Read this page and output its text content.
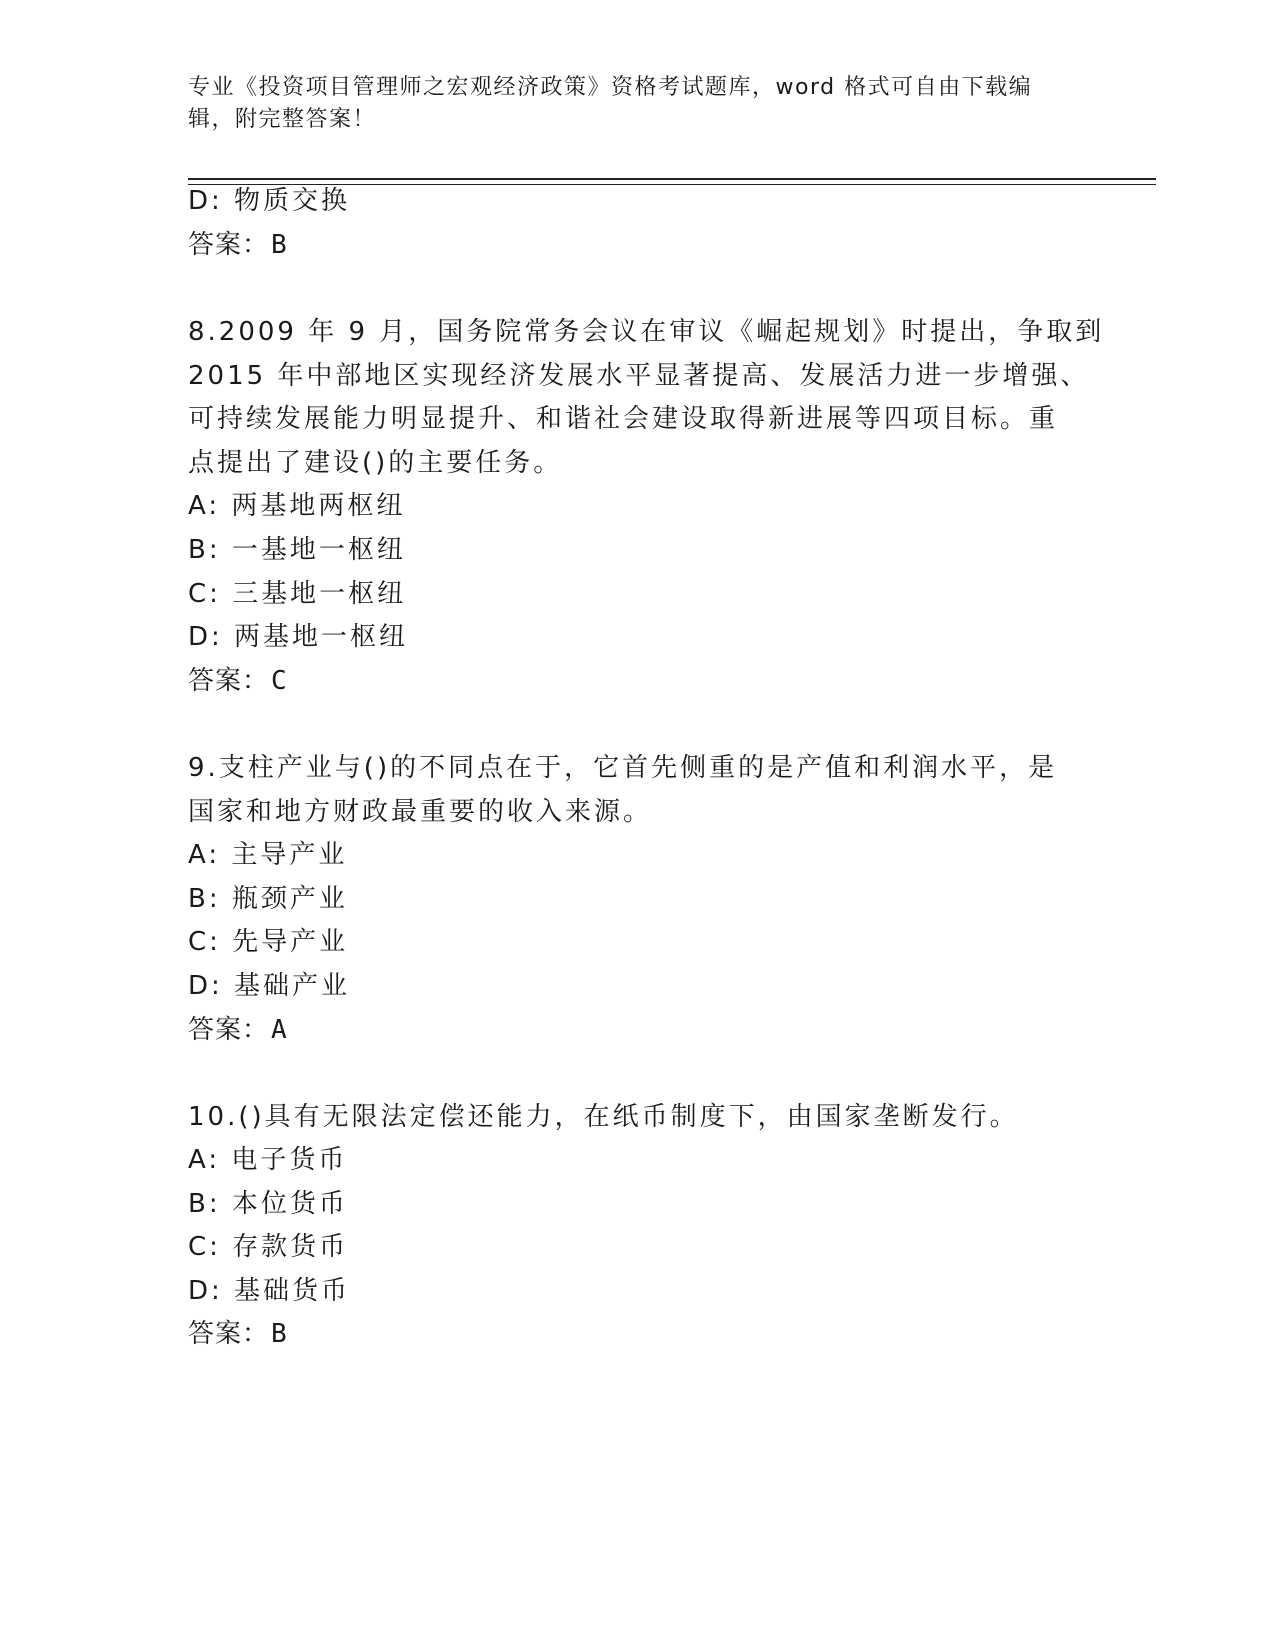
专业《投资项目管理师之宏观经济政策》资格考试题库，word 格式可自由下载编
辑，附完整答案！
D: 物质交换
答案：B
8.2009 年 9 月，国务院常务会议在审议《崛起规划》时提出，争取到
2015 年中部地区实现经济发展水平显著提高、发展活力进一步增强、
可持续发展能力明显提升、和谐社会建设取得新进展等四项目标。重
点提出了建设()的主要任务。
A: 两基地两枢纽
B: 一基地一枢纽
C: 三基地一枢纽
D: 两基地一枢纽
答案：C
9.支柱产业与()的不同点在于，它首先侧重的是产值和利润水平，是
国家和地方财政最重要的收入来源。
A: 主导产业
B: 瓶颈产业
C: 先导产业
D: 基础产业
答案：A
10.()具有无限法定偿还能力，在纸币制度下，由国家垄断发行。
A: 电子货币
B: 本位货币
C: 存款货币
D: 基础货币
答案：B
